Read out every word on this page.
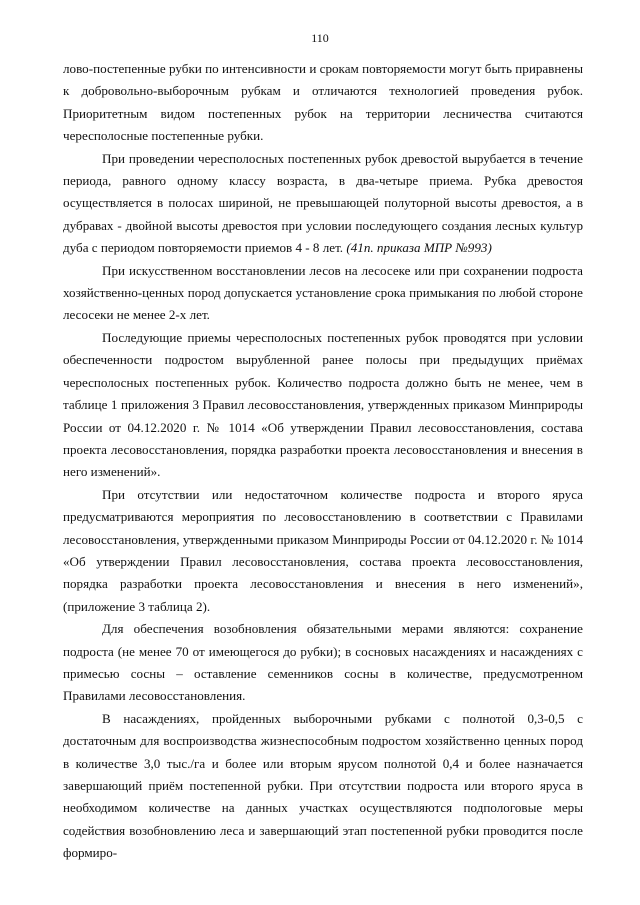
110

лово-постепенные рубки по интенсивности и срокам повторяемости могут быть приравнены к добровольно-выборочным рубкам и отличаются технологией проведения рубок. Приоритетным видом постепенных рубок на территории лесничества считаются чересполосные постепенные рубки.

При проведении чересполосных постепенных рубок древостой вырубается в течение периода, равного одному классу возраста, в два-четыре приема. Рубка древостоя осуществляется в полосах шириной, не превышающей полуторной высоты древостоя, а в дубравах - двойной высоты древостоя при условии последующего создания лесных культур дуба с периодом повторяемости приемов 4 - 8 лет. (41п. приказа МПР №993)

При искусственном восстановлении лесов на лесосеке или при сохранении подроста хозяйственно-ценных пород допускается установление срока примыкания по любой стороне лесосеки не менее 2-х лет.

Последующие приемы чересполосных постепенных рубок проводятся при условии обеспеченности подростом вырубленной ранее полосы при предыдущих приёмах чересполосных постепенных рубок. Количество подроста должно быть не менее, чем в таблице 1 приложения 3 Правил лесовосстановления, утвержденных приказом Минприроды России от 04.12.2020 г. № 1014 «Об утверждении Правил лесовосстановления, состава проекта лесовосстановления, порядка разработки проекта лесовосстановления и внесения в него изменений».

При отсутствии или недостаточном количестве подроста и второго яруса предусматриваются мероприятия по лесовосстановлению в соответствии с Правилами лесовосстановления, утвержденными приказом Минприроды России от 04.12.2020 г. № 1014 «Об утверждении Правил лесовосстановления, состава проекта лесовосстановления, порядка разработки проекта лесовосстановления и внесения в него изменений», (приложение 3 таблица 2).

Для обеспечения возобновления обязательными мерами являются: сохранение подроста (не менее 70 от имеющегося до рубки); в сосновых насаждениях и насаждениях с примесью сосны – оставление семенников сосны в количестве, предусмотренном Правилами лесовосстановления.

В насаждениях, пройденных выборочными рубками с полнотой 0,3-0,5 с достаточным для воспроизводства жизнеспособным подростом хозяйственно ценных пород в количестве 3,0 тыс./га и более или вторым ярусом полнотой 0,4 и более назначается завершающий приём постепенной рубки. При отсутствии подроста или второго яруса в необходимом количестве на данных участках осуществляются подпологовые меры содействия возобновлению леса и завершающий этап постепенной рубки проводится после формиро-
